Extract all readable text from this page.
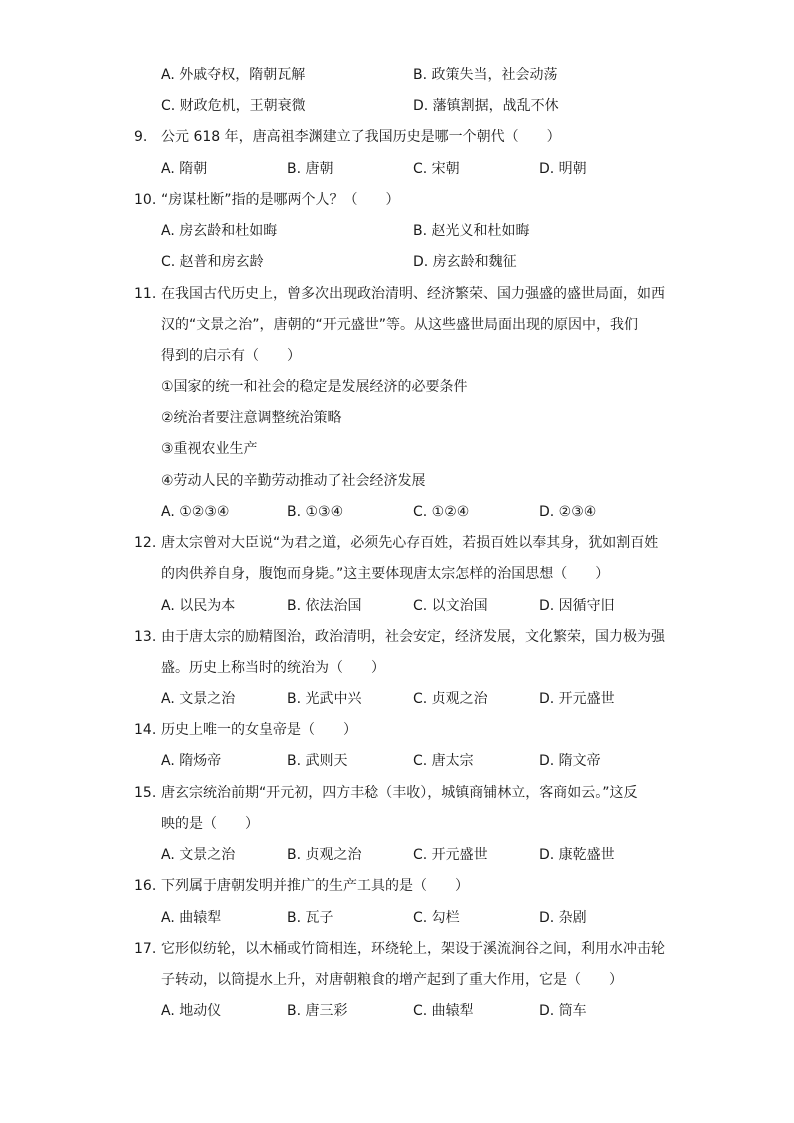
A. 外戚夺权，隋朝瓦解	B. 政策失当，社会动荡
C. 财政危机，王朝衰微	D. 藩镇割据，战乱不休
9. 公元 618 年，唐高祖李渊建立了我国历史是哪一个朝代（　　）
A. 隋朝	B. 唐朝	C. 宋朝	D. 明朝
10. “房谋杜断”指的是哪两个人？（　　）
A. 房玄龄和杜如晦	B. 赵光义和杜如晦
C. 赵普和房玄龄	D. 房玄龄和魏征
11. 在我国古代历史上，曾多次出现政治清明、经济繁荣、国力强盛的盛世局面，如西
汉的“文景之治”，唐朝的“开元盛世”等。从这些盛世局面出现的原因中，我们
得到的启示有（　　）
①国家的统一和社会的稳定是发展经济的必要条件
②统治者要注意调整统治策略
③重视农业生产
④劳动人民的辛勤劳动推动了社会经济发展
A. ①②③④	B. ①③④	C. ①②④	D. ②③④
12. 唐太宗曾对大臣说“为君之道，必须先心存百姓，若损百姓以奉其身，犹如割百姓
的肉供养自身，腹饱而身毙。”这主要体现唐太宗怎样的治国思想（　　）
A. 以民为本	B. 依法治国	C. 以文治国	D. 因循守旧
13. 由于唐太宗的励精图治，政治清明，社会安定，经济发展，文化繁荣，国力极为强
盛。历史上称当时的统治为（　　）
A. 文景之治	B. 光武中兴	C. 贞观之治	D. 开元盛世
14. 历史上唯一的女皇帝是（　　）
A. 隋炀帝	B. 武则天	C. 唐太宗	D. 隋文帝
15. 唐玄宗统治前期“开元初，四方丰稔（丰收），城镇商铺林立，客商如云。”这反
映的是（　　）
A. 文景之治	B. 贞观之治	C. 开元盛世	D. 康乾盛世
16. 下列属于唐朝发明并推广的生产工具的是（　　）
A. 曲辕犁	B. 瓦子	C. 勾栏	D. 杂剧
17. 它形似纺轮，以木桶或竹筒相连，环绕轮上，架设于溪流涧谷之间，利用水冲击轮
子转动，以筒提水上升，对唐朝粮食的增产起到了重大作用，它是（　　）
A. 地动仪	B. 唐三彩	C. 曲辕犁	D. 筒车
